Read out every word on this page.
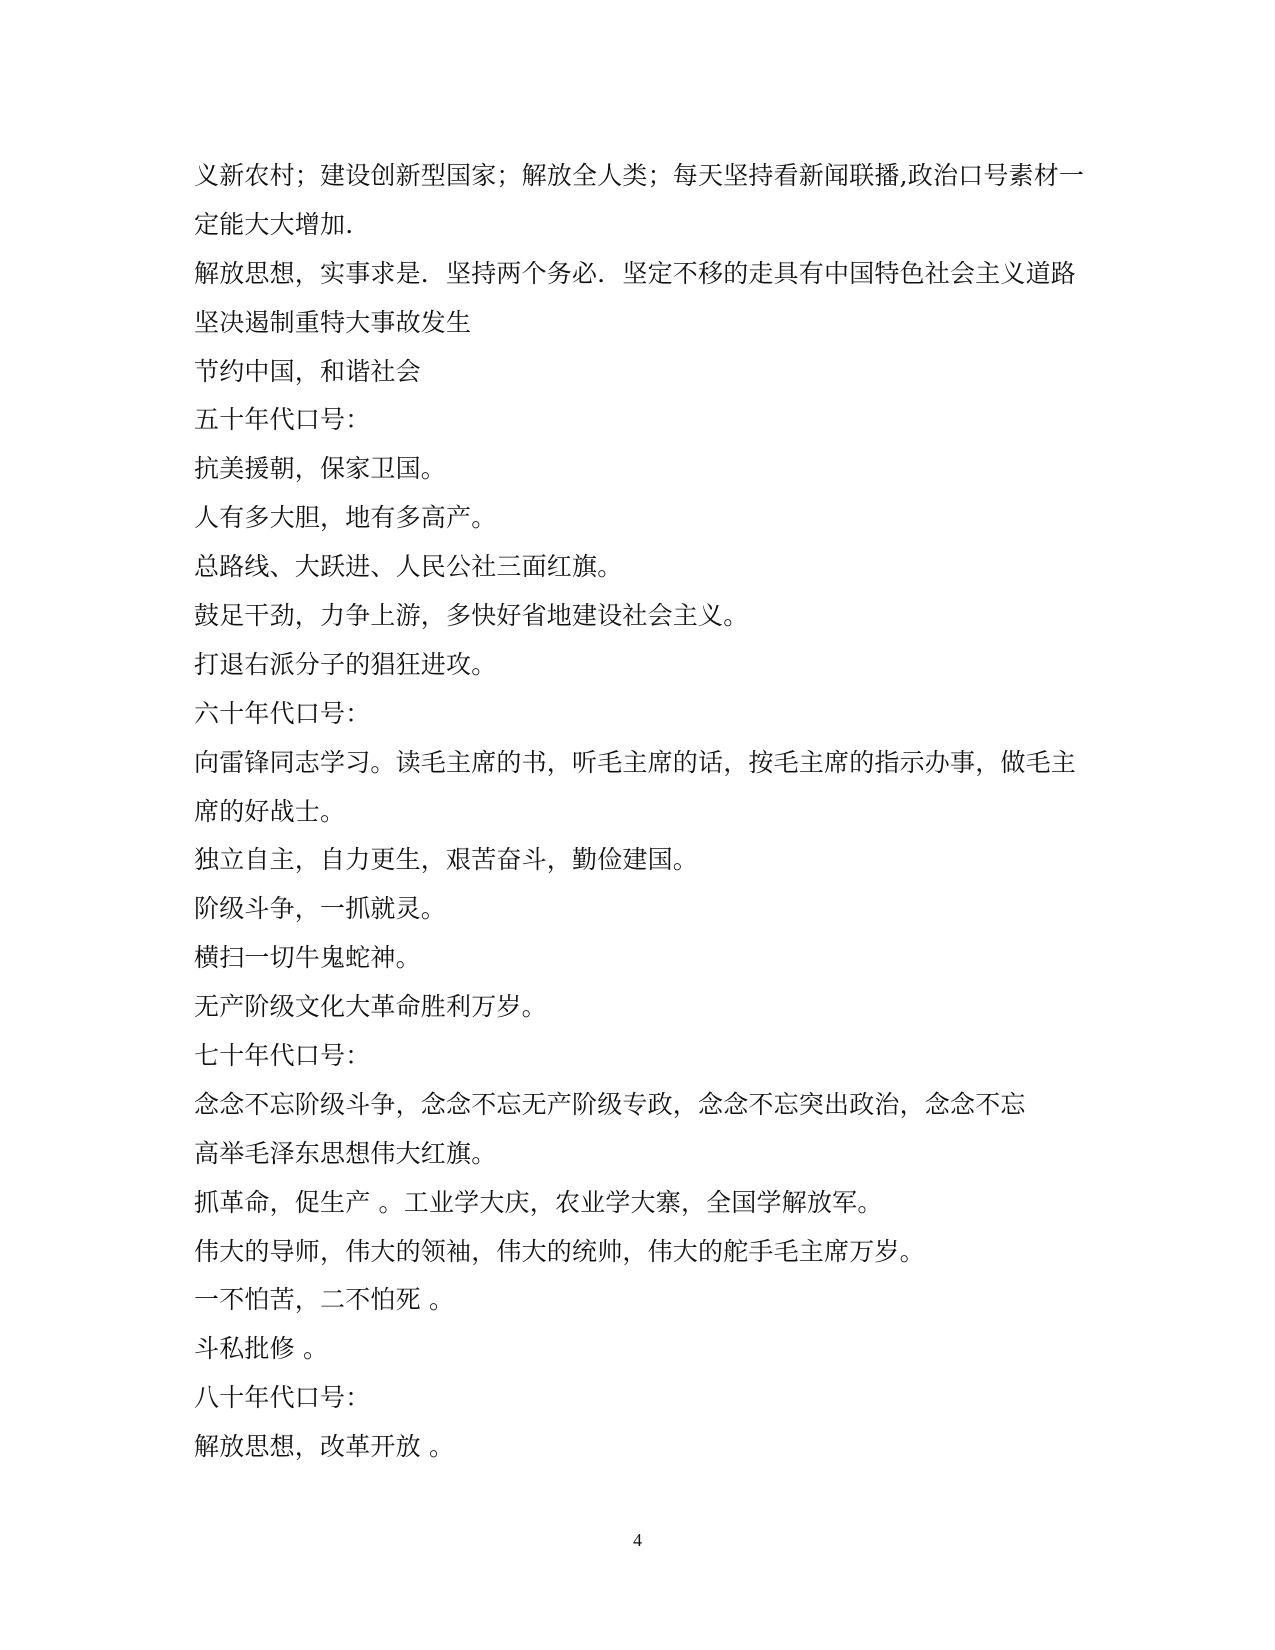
义新农村；建设创新型国家；解放全人类；每天坚持看新闻联播,政治口号素材一
定能大大增加.
解放思想，实事求是．坚持两个务必．坚定不移的走具有中国特色社会主义道路
坚决遏制重特大事故发生
节约中国，和谐社会
五十年代口号：
抗美援朝，保家卫国。
人有多大胆，地有多高产。
总路线、大跃进、人民公社三面红旗。
鼓足干劲，力争上游，多快好省地建设社会主义。
打退右派分子的猖狂进攻。
六十年代口号：
向雷锋同志学习。读毛主席的书，听毛主席的话，按毛主席的指示办事，做毛主
席的好战士。
独立自主，自力更生，艰苦奋斗，勤俭建国。
阶级斗争，一抓就灵。
横扫一切牛鬼蛇神。
无产阶级文化大革命胜利万岁。
七十年代口号：
念念不忘阶级斗争，念念不忘无产阶级专政，念念不忘突出政治，念念不忘
高举毛泽东思想伟大红旗。
抓革命，促生产 。工业学大庆，农业学大寨，全国学解放军。
伟大的导师，伟大的领袖，伟大的统帅，伟大的舵手毛主席万岁。
一不怕苦，二不怕死 。
斗私批修 。
八十年代口号：
解放思想，改革开放 。
4
